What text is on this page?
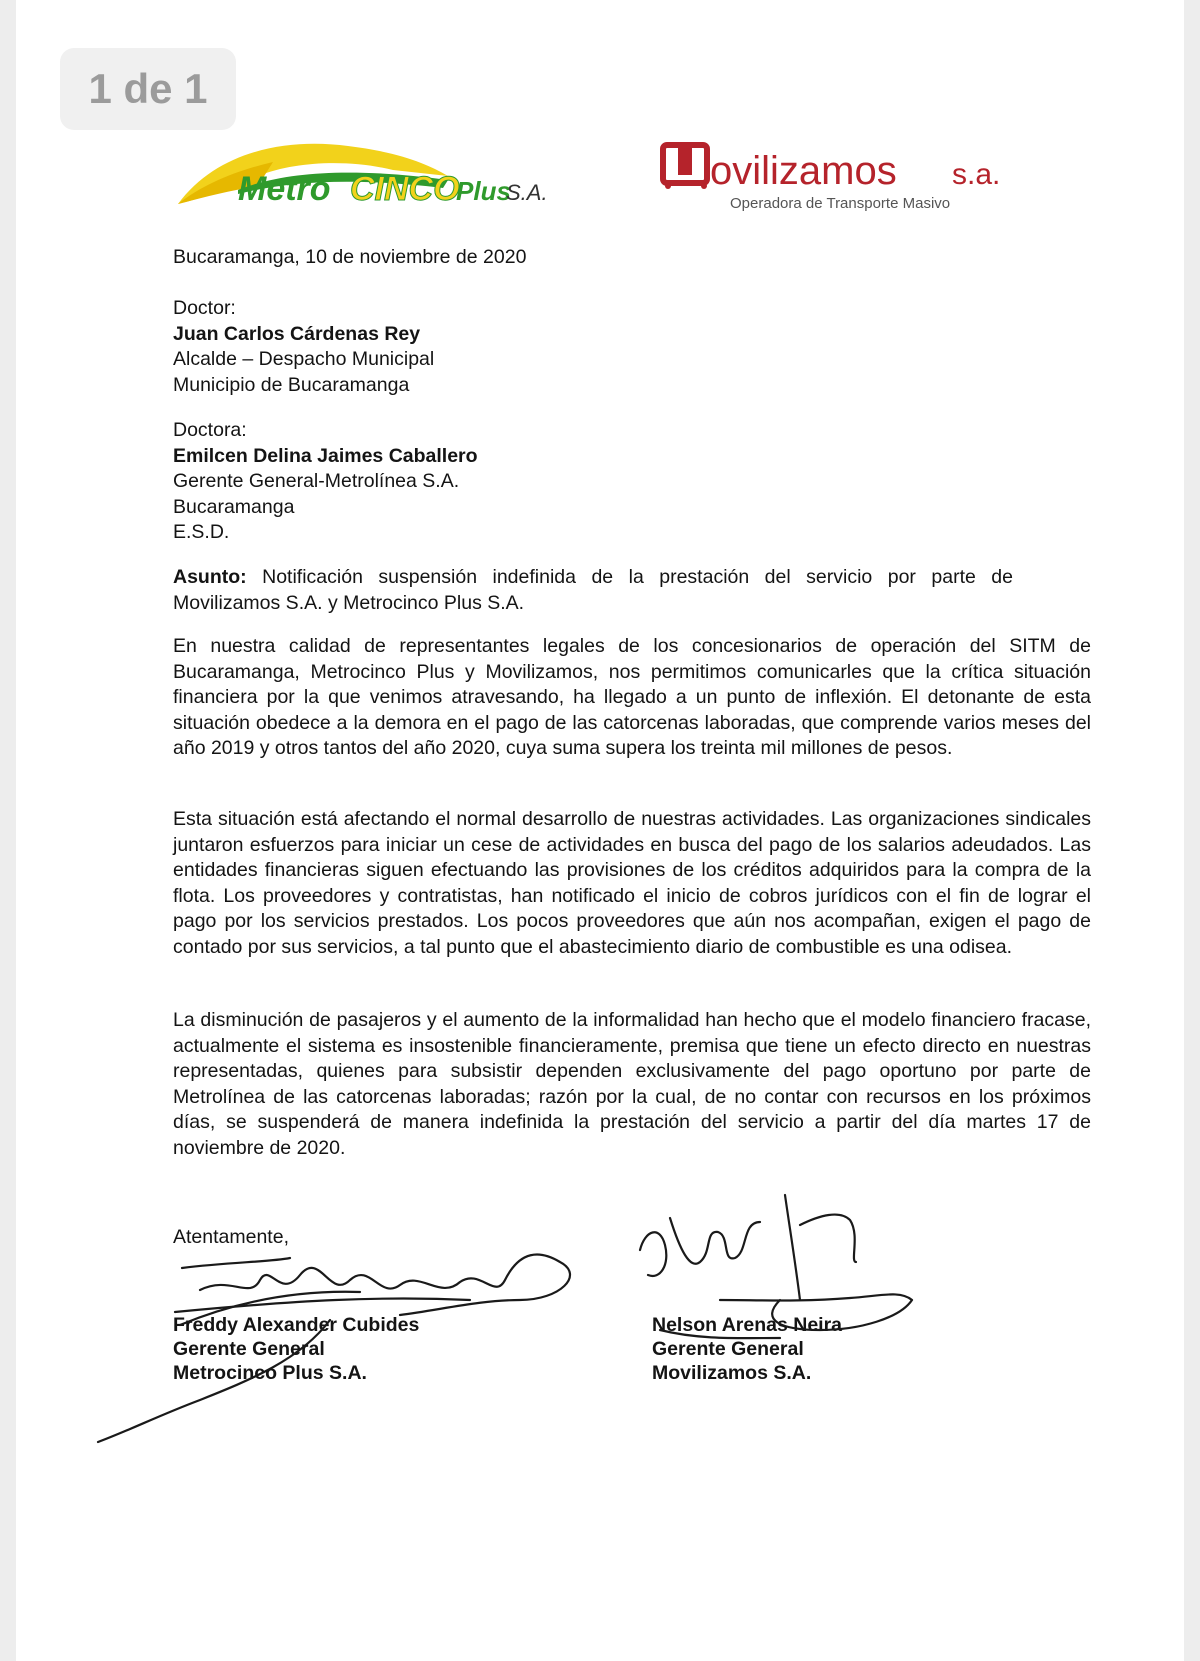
1 de 1
Metro CINCO
Plus
S.A.	ovilizamos s.a.
Operadora de Transporte Masivo
Bucaramanga, 10 de noviembre de 2020
Doctor:
Juan Carlos Cárdenas Rey
Alcalde – Despacho Municipal
Municipio de Bucaramanga
Doctora:
Emilcen Delina Jaimes Caballero
Gerente General-Metrolínea S.A.
Bucaramanga
E.S.D.
Asunto: Notificación suspensión indefinida de la prestación del servicio por parte de Movilizamos S.A. y Metrocinco Plus S.A.
En nuestra calidad de representantes legales de los concesionarios de operación del SITM de Bucaramanga, Metrocinco Plus y Movilizamos, nos permitimos comunicarles que la crítica situación financiera por la que venimos atravesando, ha llegado a un punto de inflexión. El detonante de esta situación obedece a la demora en el pago de las catorcenas laboradas, que comprende varios meses del año 2019 y otros tantos del año 2020, cuya suma supera los treinta mil millones de pesos.
Esta situación está afectando el normal desarrollo de nuestras actividades. Las organizaciones sindicales juntaron esfuerzos para iniciar un cese de actividades en busca del pago de los salarios adeudados. Las entidades financieras siguen efectuando las provisiones de los créditos adquiridos para la compra de la flota. Los proveedores y contratistas, han notificado el inicio de cobros jurídicos con el fin de lograr el pago por los servicios prestados. Los pocos proveedores que aún nos acompañan, exigen el pago de contado por sus servicios, a tal punto que el abastecimiento diario de combustible es una odisea.
La disminución de pasajeros y el aumento de la informalidad han hecho que el modelo financiero fracase, actualmente el sistema es insostenible financieramente, premisa que tiene un efecto directo en nuestras representadas, quienes para subsistir dependen exclusivamente del pago oportuno por parte de Metrolínea de las catorcenas laboradas; razón por la cual, de no contar con recursos en los próximos días, se suspenderá de manera indefinida la prestación del servicio a partir del día martes 17 de noviembre de 2020.
Atentamente,
Freddy Alexander Cubides
Gerente General
Metrocinco Plus S.A.
Nelson Arenas Neira
Gerente General
Movilizamos S.A.
